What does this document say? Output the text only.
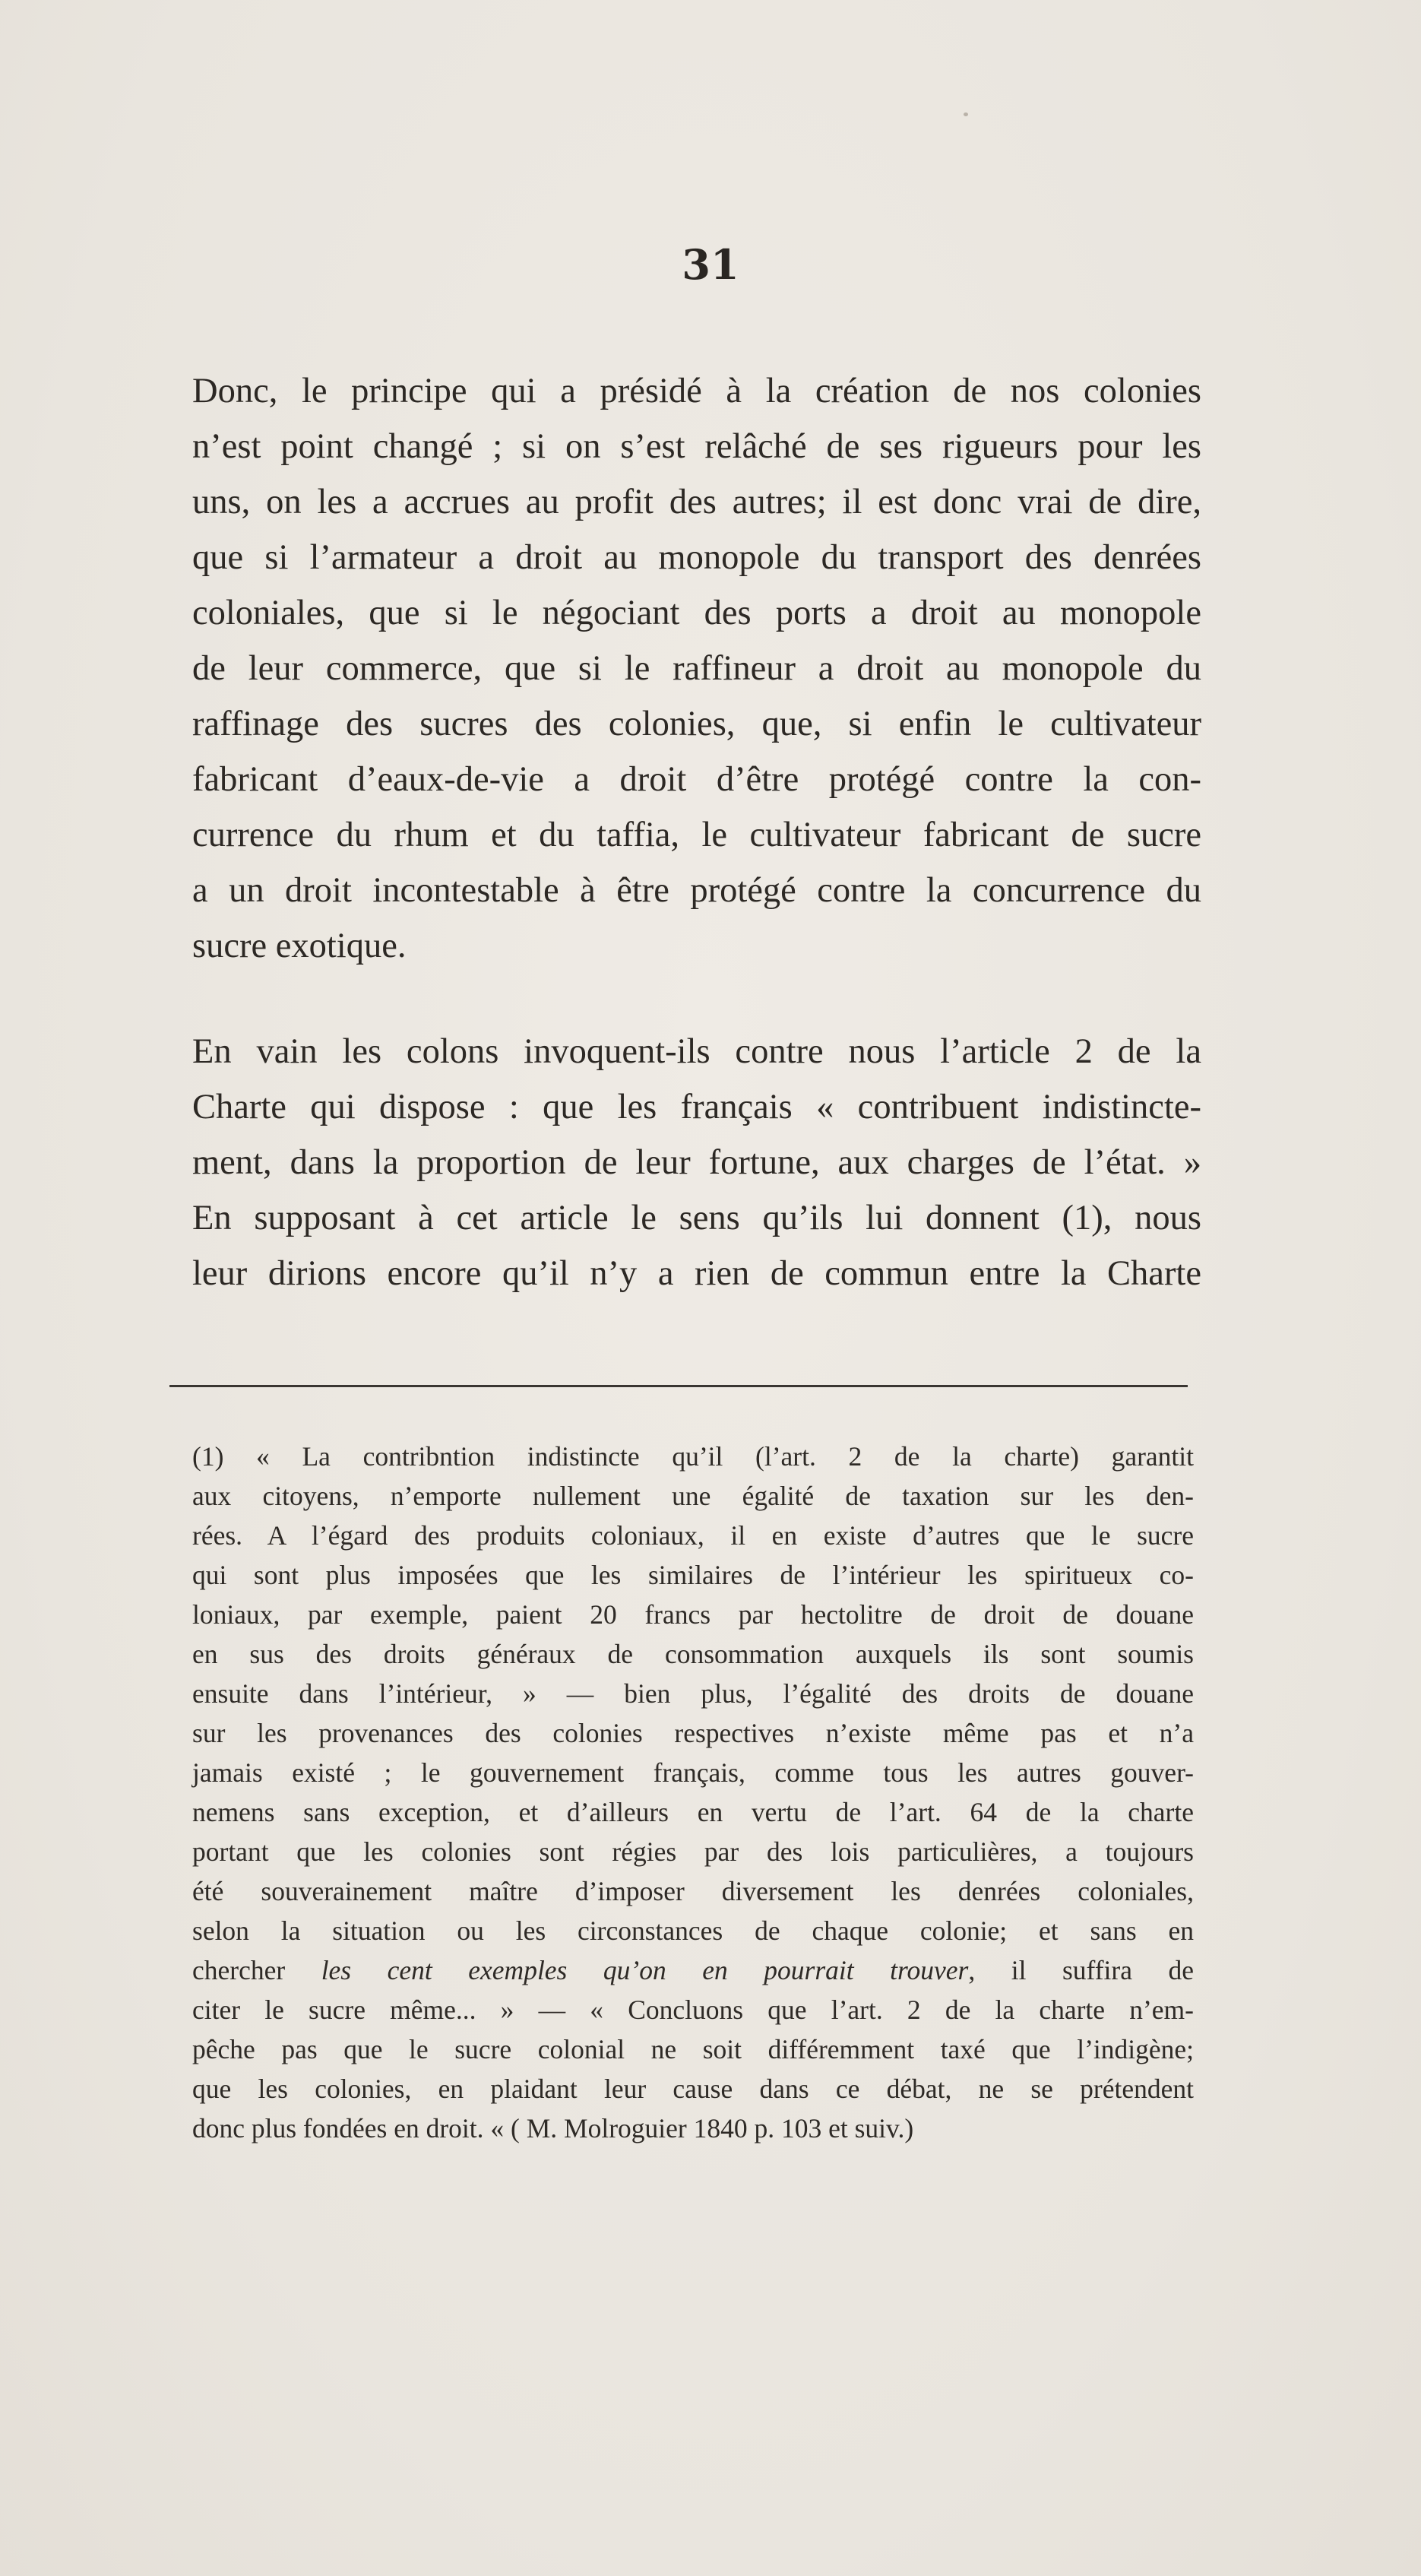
31
Donc, le principe qui a présidé à la création de nos colonies
n’est point changé ; si on s’est relâché de ses rigueurs pour les
uns, on les a accrues au profit des autres; il est donc vrai de dire,
que si l’armateur a droit au monopole du transport des denrées
coloniales, que si le négociant des ports a droit au monopole
de leur commerce, que si le raffineur a droit au monopole du
raffinage des sucres des colonies, que, si enfin le cultivateur
fabricant d’eaux-de-vie a droit d’être protégé contre la con-
currence du rhum et du taffia, le cultivateur fabricant de sucre
a un droit incontestable à être protégé contre la concurrence du
sucre exotique.
En vain les colons invoquent-ils contre nous l’article 2 de la
Charte qui dispose : que les français « contribuent indistincte-
ment, dans la proportion de leur fortune, aux charges de l’état. »
En supposant à cet article le sens qu’ils lui donnent (1), nous
leur dirions encore qu’il n’y a rien de commun entre la Charte
(1) « La contribntion indistincte qu’il (l’art. 2 de la charte) garantit
aux citoyens, n’emporte nullement une égalité de taxation sur les den-
rées. A l’égard des produits coloniaux, il en existe d’autres que le sucre
qui sont plus imposées que les similaires de l’intérieur les spiritueux co-
loniaux, par exemple, paient 20 francs par hectolitre de droit de douane
en sus des droits généraux de consommation auxquels ils sont soumis
ensuite dans l’intérieur, » — bien plus, l’égalité des droits de douane
sur les provenances des colonies respectives n’existe même pas et n’a
jamais existé ; le gouvernement français, comme tous les autres gouver-
nemens sans exception, et d’ailleurs en vertu de l’art. 64 de la charte
portant que les colonies sont régies par des lois particulières, a toujours
été souverainement maître d’imposer diversement les denrées coloniales,
selon la situation ou les circonstances de chaque colonie; et sans en
chercher les cent exemples qu’on en pourrait trouver, il suffira de
citer le sucre même... » — « Concluons que l’art. 2 de la charte n’em-
pêche pas que le sucre colonial ne soit différemment taxé que l’indigène;
que les colonies, en plaidant leur cause dans ce débat, ne se prétendent
donc plus fondées en droit. « ( M. Molroguier 1840 p. 103 et suiv.)
